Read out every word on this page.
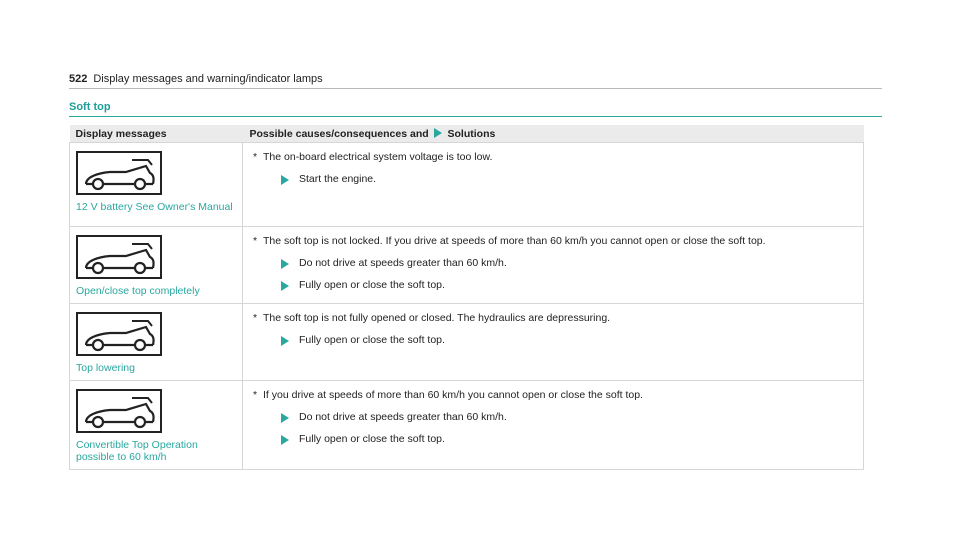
522 Display messages and warning/indicator lamps
Soft top
Display messages	Possible causes/consequences and Solutions

12 V battery See Owner's Manual	* The on-board electrical system voltage is too low.
Start the engine.

Open/close top completely	* The soft top is not locked. If you drive at speeds of more than 60 km/h you cannot open or close the soft top.
Do not drive at speeds greater than 60 km/h.
Fully open or close the soft top.

Top lowering	* The soft top is not fully opened or closed. The hydraulics are depressuring.
Fully open or close the soft top.

Convertible Top Operation possible to 60 km/h	* If you drive at speeds of more than 60 km/h you cannot open or close the soft top.
Do not drive at speeds greater than 60 km/h.
Fully open or close the soft top.
